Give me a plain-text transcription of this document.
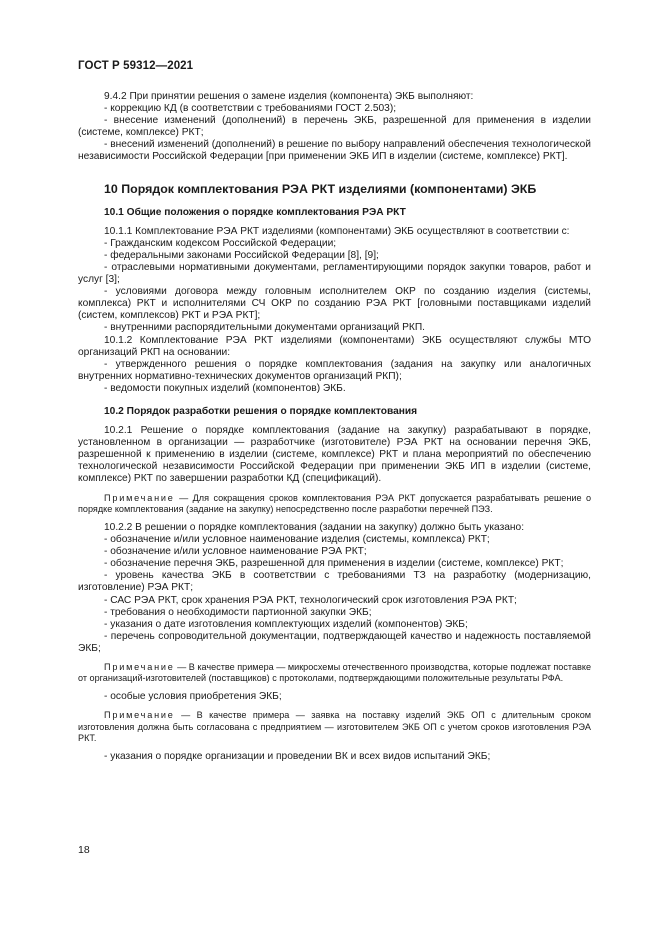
ГОСТ Р 59312—2021

9.4.2 При принятии решения о замене изделия (компонента) ЭКБ выполняют:

- коррекцию КД (в соответствии с требованиями ГОСТ 2.503);

- внесение изменений (дополнений) в перечень ЭКБ, разрешенной для применения в изделии (системе, комплексе) РКТ;

- внесений изменений (дополнений) в решение по выбору направлений обеспечения технологической независимости Российской Федерации [при применении ЭКБ ИП в изделии (системе, комплексе) РКТ].

10 Порядок комплектования РЭА РКТ изделиями (компонентами) ЭКБ

10.1 Общие положения о порядке комплектования РЭА РКТ

10.1.1 Комплектование РЭА РКТ изделиями (компонентами) ЭКБ осуществляют в соответствии с:

- Гражданским кодексом Российской Федерации;

- федеральными законами Российской Федерации [8], [9];

- отраслевыми нормативными документами, регламентирующими порядок закупки товаров, работ и услуг [3];

- условиями договора между головным исполнителем ОКР по созданию изделия (системы, комплекса) РКТ и исполнителями СЧ ОКР по созданию РЭА РКТ [головными поставщиками изделий (систем, комплексов) РКТ и РЭА РКТ];

- внутренними распорядительными документами организаций РКП.

10.1.2 Комплектование РЭА РКТ изделиями (компонентами) ЭКБ осуществляют службы МТО организаций РКП на основании:

- утвержденного решения о порядке комплектования (задания на закупку или аналогичных внутренних нормативно-технических документов организаций РКП);

- ведомости покупных изделий (компонентов) ЭКБ.

10.2 Порядок разработки решения о порядке комплектования

10.2.1 Решение о порядке комплектования (задание на закупку) разрабатывают в порядке, установленном в организации — разработчике (изготовителе) РЭА РКТ на основании перечня ЭКБ, разрешенной к применению в изделии (системе, комплексе) РКТ и плана мероприятий по обеспечению технологической независимости Российской Федерации при применении ЭКБ ИП в изделии (системе, комплексе) РКТ по завершении разработки КД (спецификаций).

Примечание — Для сокращения сроков комплектования РЭА РКТ допускается разрабатывать решение о порядке комплектования (задание на закупку) непосредственно после разработки перечней ПЭЗ.

10.2.2 В решении о порядке комплектования (задании на закупку) должно быть указано:

- обозначение и/или условное наименование изделия (системы, комплекса) РКТ;

- обозначение и/или условное наименование РЭА РКТ;

- обозначение перечня ЭКБ, разрешенной для применения в изделии (системе, комплексе) РКТ;

- уровень качества ЭКБ в соответствии с требованиями ТЗ на разработку (модернизацию, изготовление) РЭА РКТ;

- САС РЭА РКТ, срок хранения РЭА РКТ, технологический срок изготовления РЭА РКТ;

- требования о необходимости партионной закупки ЭКБ;

- указания о дате изготовления комплектующих изделий (компонентов) ЭКБ;

- перечень сопроводительной документации, подтверждающей качество и надежность поставляемой ЭКБ;

Примечание — В качестве примера — микросхемы отечественного производства, которые подлежат поставке от организаций-изготовителей (поставщиков) с протоколами, подтверждающими положительные результаты РФА.

- особые условия приобретения ЭКБ;

Примечание — В качестве примера — заявка на поставку изделий ЭКБ ОП с длительным сроком изготовления должна быть согласована с предприятием — изготовителем ЭКБ ОП с учетом сроков изготовления РЭА РКТ.

- указания о порядке организации и проведении ВК и всех видов испытаний ЭКБ;

18
